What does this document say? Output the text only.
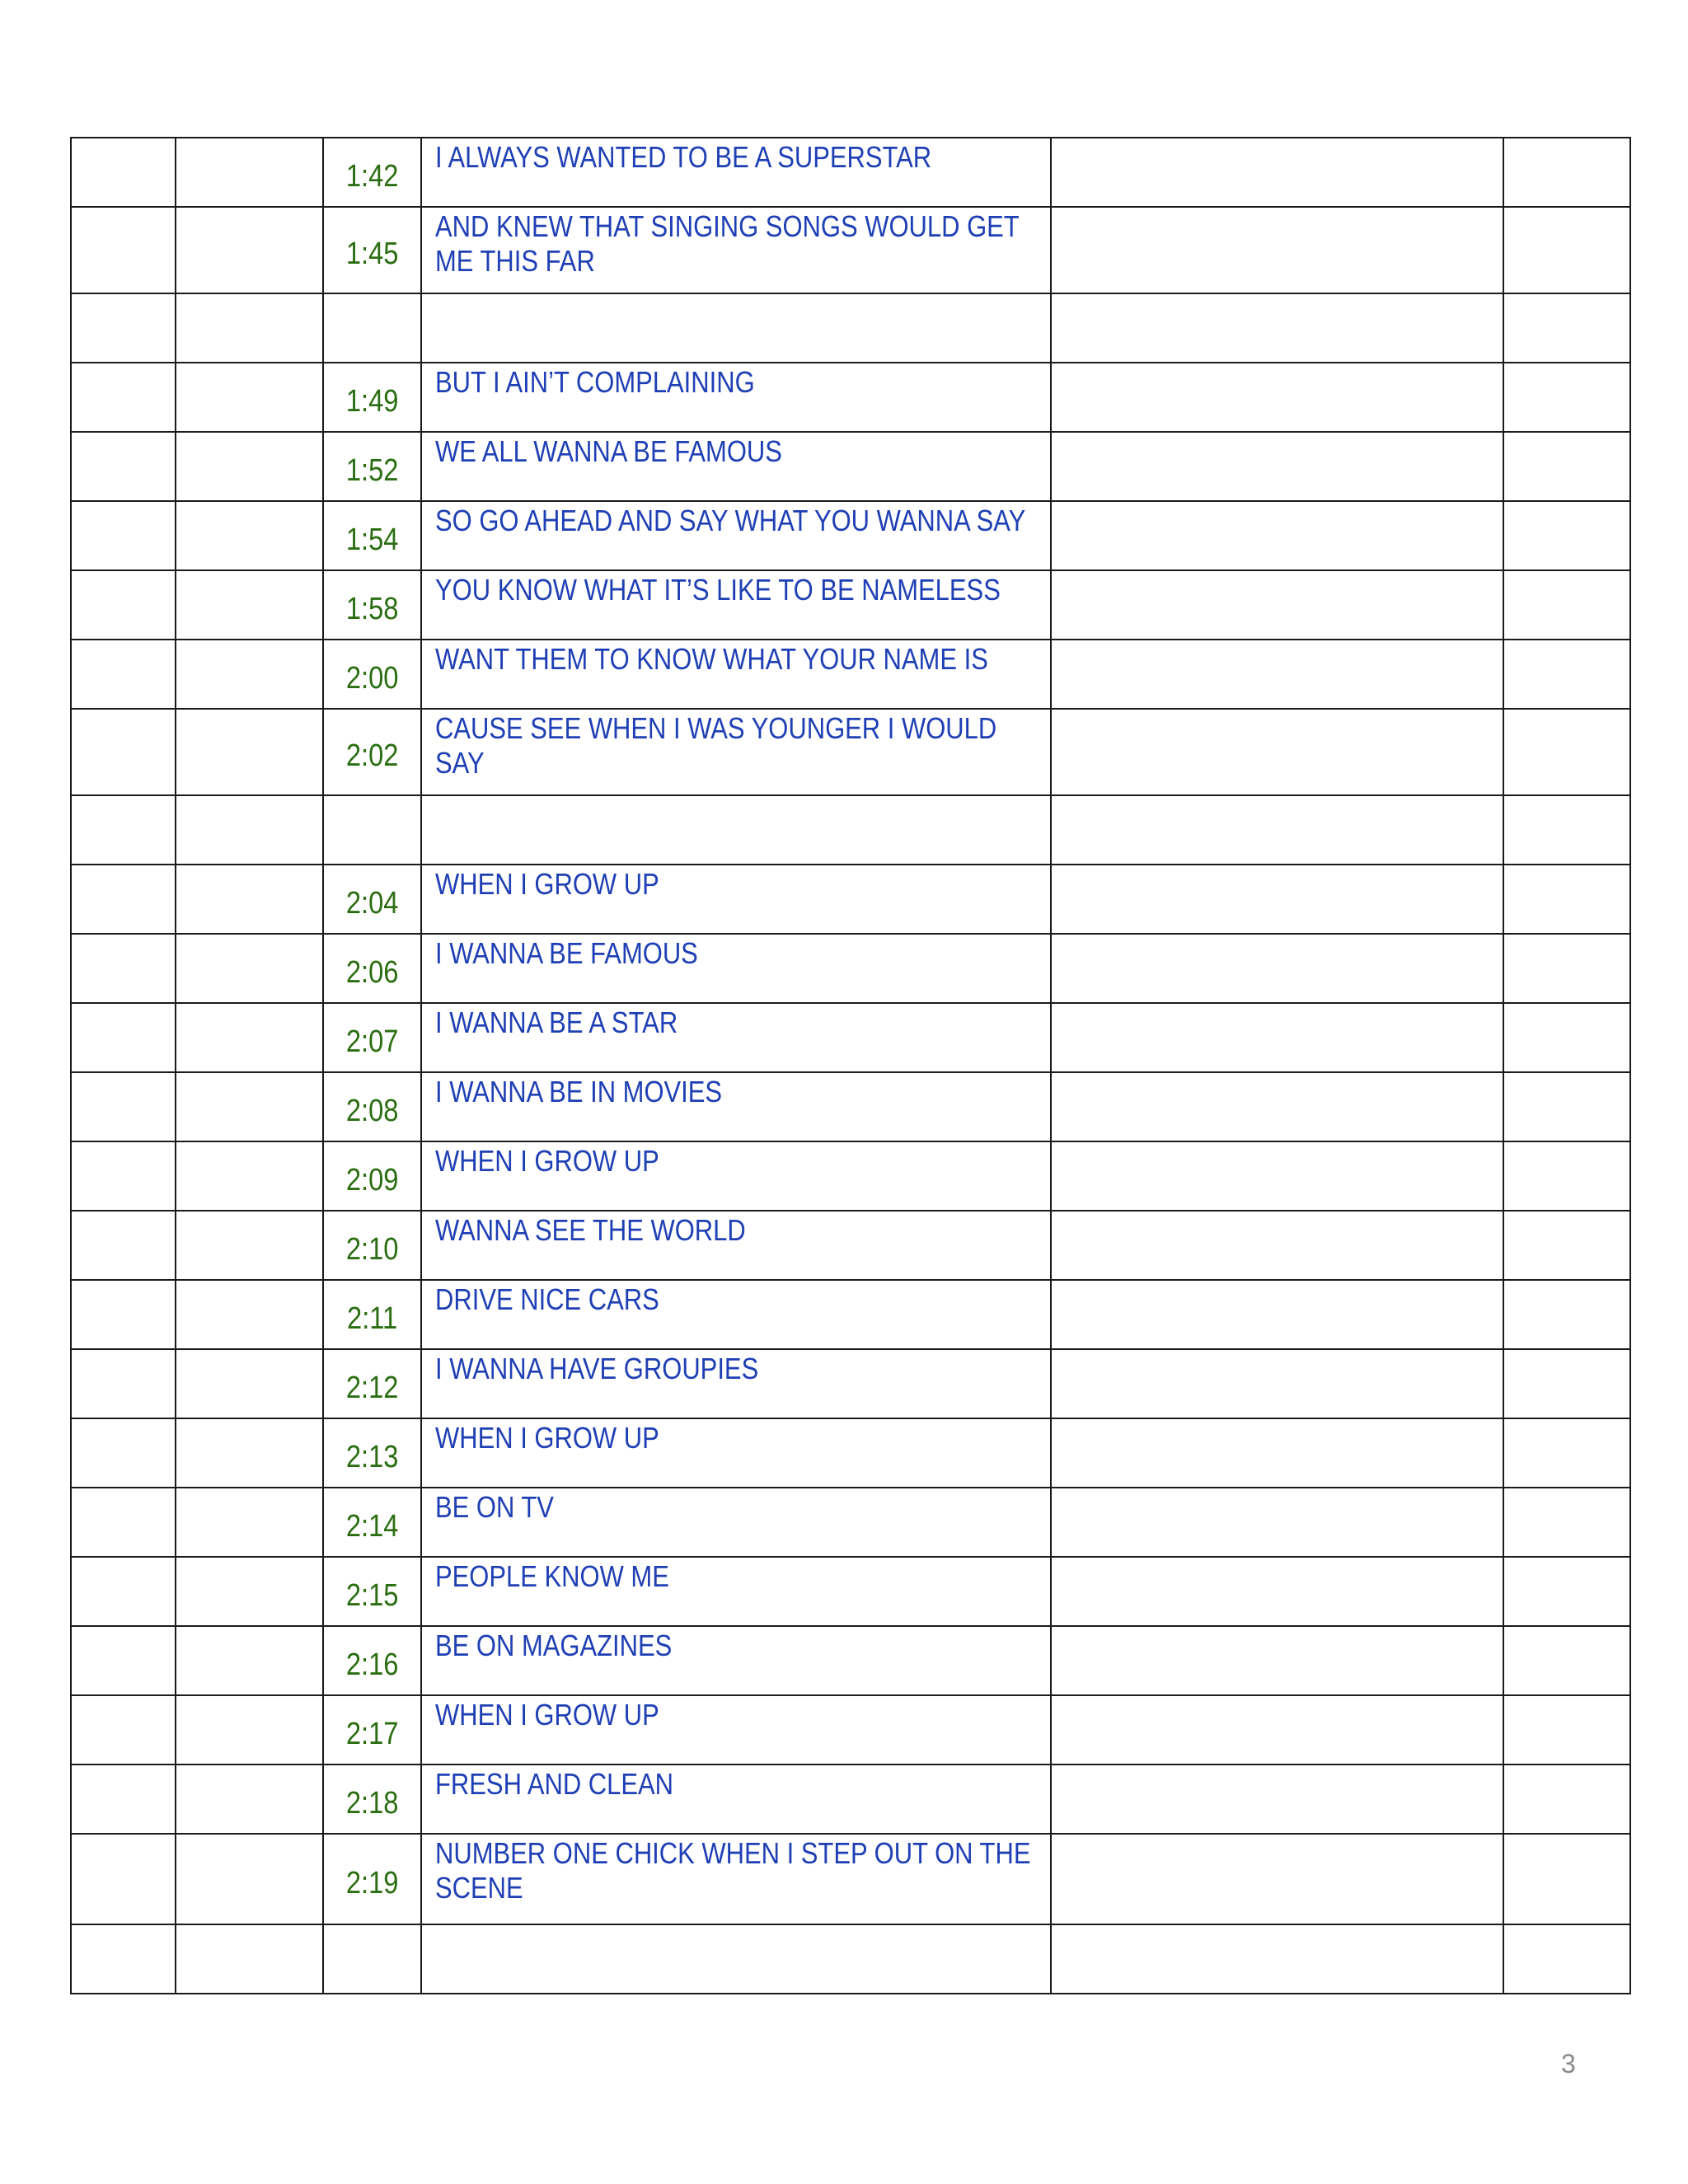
		1:42	I ALWAYS WANTED TO BE A SUPERSTAR		

		1:45	AND KNEW THAT SINGING SONGS WOULD GET ME THIS FAR		

		1:49	BUT I AIN’T COMPLAINING		

		1:52	WE ALL WANNA BE FAMOUS		

		1:54	SO GO AHEAD AND SAY WHAT YOU WANNA SAY		

		1:58	YOU KNOW WHAT IT’S LIKE TO BE NAMELESS		

		2:00	WANT THEM TO KNOW WHAT YOUR NAME IS		

		2:02	CAUSE SEE WHEN I WAS YOUNGER I WOULD SAY		

		2:04	WHEN I GROW UP		

		2:06	I WANNA BE FAMOUS		

		2:07	I WANNA BE A STAR		

		2:08	I WANNA BE IN MOVIES		

		2:09	WHEN I GROW UP		

		2:10	WANNA SEE THE WORLD		

		2:11	DRIVE NICE CARS		

		2:12	I WANNA HAVE GROUPIES		

		2:13	WHEN I GROW UP		

		2:14	BE ON TV		

		2:15	PEOPLE KNOW ME		

		2:16	BE ON MAGAZINES		

		2:17	WHEN I GROW UP		

		2:18	FRESH AND CLEAN		

		2:19	NUMBER ONE CHICK WHEN I STEP OUT ON THE SCENE		

3
